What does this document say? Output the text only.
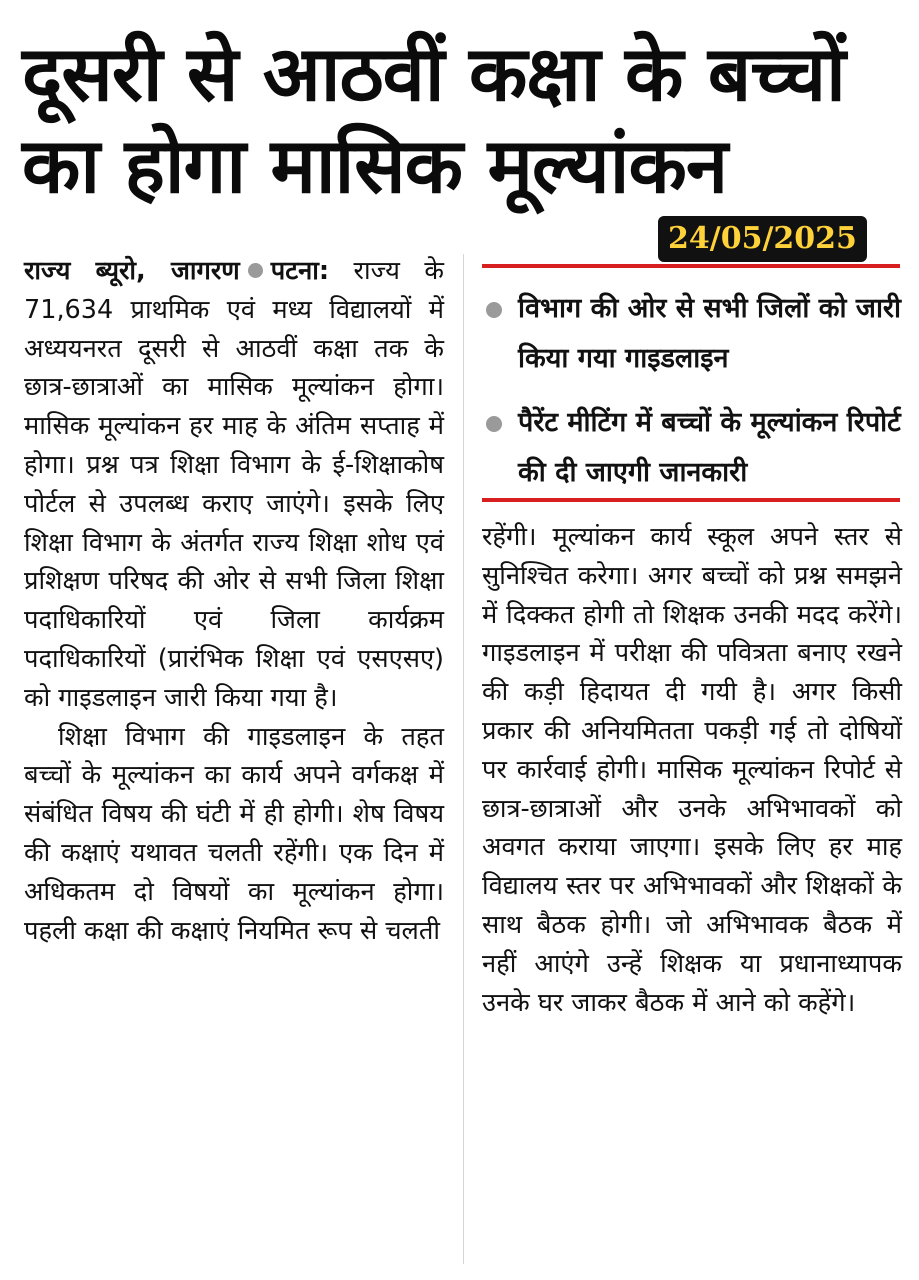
दूसरी से आठवीं कक्षा के बच्चों
का होगा मासिक मूल्यांकन
24/05/2025

राज्य ब्यूरो, जागरण पटना: राज्य के 71,634 प्राथमिक एवं मध्य विद्यालयों में अध्ययनरत दूसरी से आठवीं कक्षा तक के छात्र-छात्राओं का मासिक मूल्यांकन होगा। मासिक मूल्यांकन हर माह के अंतिम सप्ताह में होगा। प्रश्न पत्र शिक्षा विभाग के ई-शिक्षाकोष पोर्टल से उपलब्ध कराए जाएंगे। इसके लिए शिक्षा विभाग के अंतर्गत राज्य शिक्षा शोध एवं प्रशिक्षण परिषद की ओर से सभी जिला शिक्षा पदाधिकारियों एवं जिला कार्यक्रम पदाधिकारियों (प्रारंभिक शिक्षा एवं एसएसए) को गाइडलाइन जारी किया गया है।

शिक्षा विभाग की गाइडलाइन के तहत बच्चों के मूल्यांकन का कार्य अपने वर्गकक्ष में संबंधित विषय की घंटी में ही होगी। शेष विषय की कक्षाएं यथावत चलती रहेंगी। एक दिन में अधिकतम दो विषयों का मूल्यांकन होगा। पहली कक्षा की कक्षाएं नियमित रूप से चलती

विभाग की ओर से सभी जिलों को जारी किया गया गाइडलाइन
पैरेंट मीटिंग में बच्चों के मूल्यांकन रिपोर्ट की दी जाएगी जानकारी

रहेंगी। मूल्यांकन कार्य स्कूल अपने स्तर से सुनिश्चित करेगा। अगर बच्चों को प्रश्न समझने में दिक्कत होगी तो शिक्षक उनकी मदद करेंगे। गाइडलाइन में परीक्षा की पवित्रता बनाए रखने की कड़ी हिदायत दी गयी है। अगर किसी प्रकार की अनियमितता पकड़ी गई तो दोषियों पर कार्रवाई होगी। मासिक मूल्यांकन रिपोर्ट से छात्र-छात्राओं और उनके अभिभावकों को अवगत कराया जाएगा। इसके लिए हर माह विद्यालय स्तर पर अभिभावकों और शिक्षकों के साथ बैठक होगी। जो अभिभावक बैठक में नहीं आएंगे उन्हें शिक्षक या प्रधानाध्यापक उनके घर जाकर बैठक में आने को कहेंगे।
